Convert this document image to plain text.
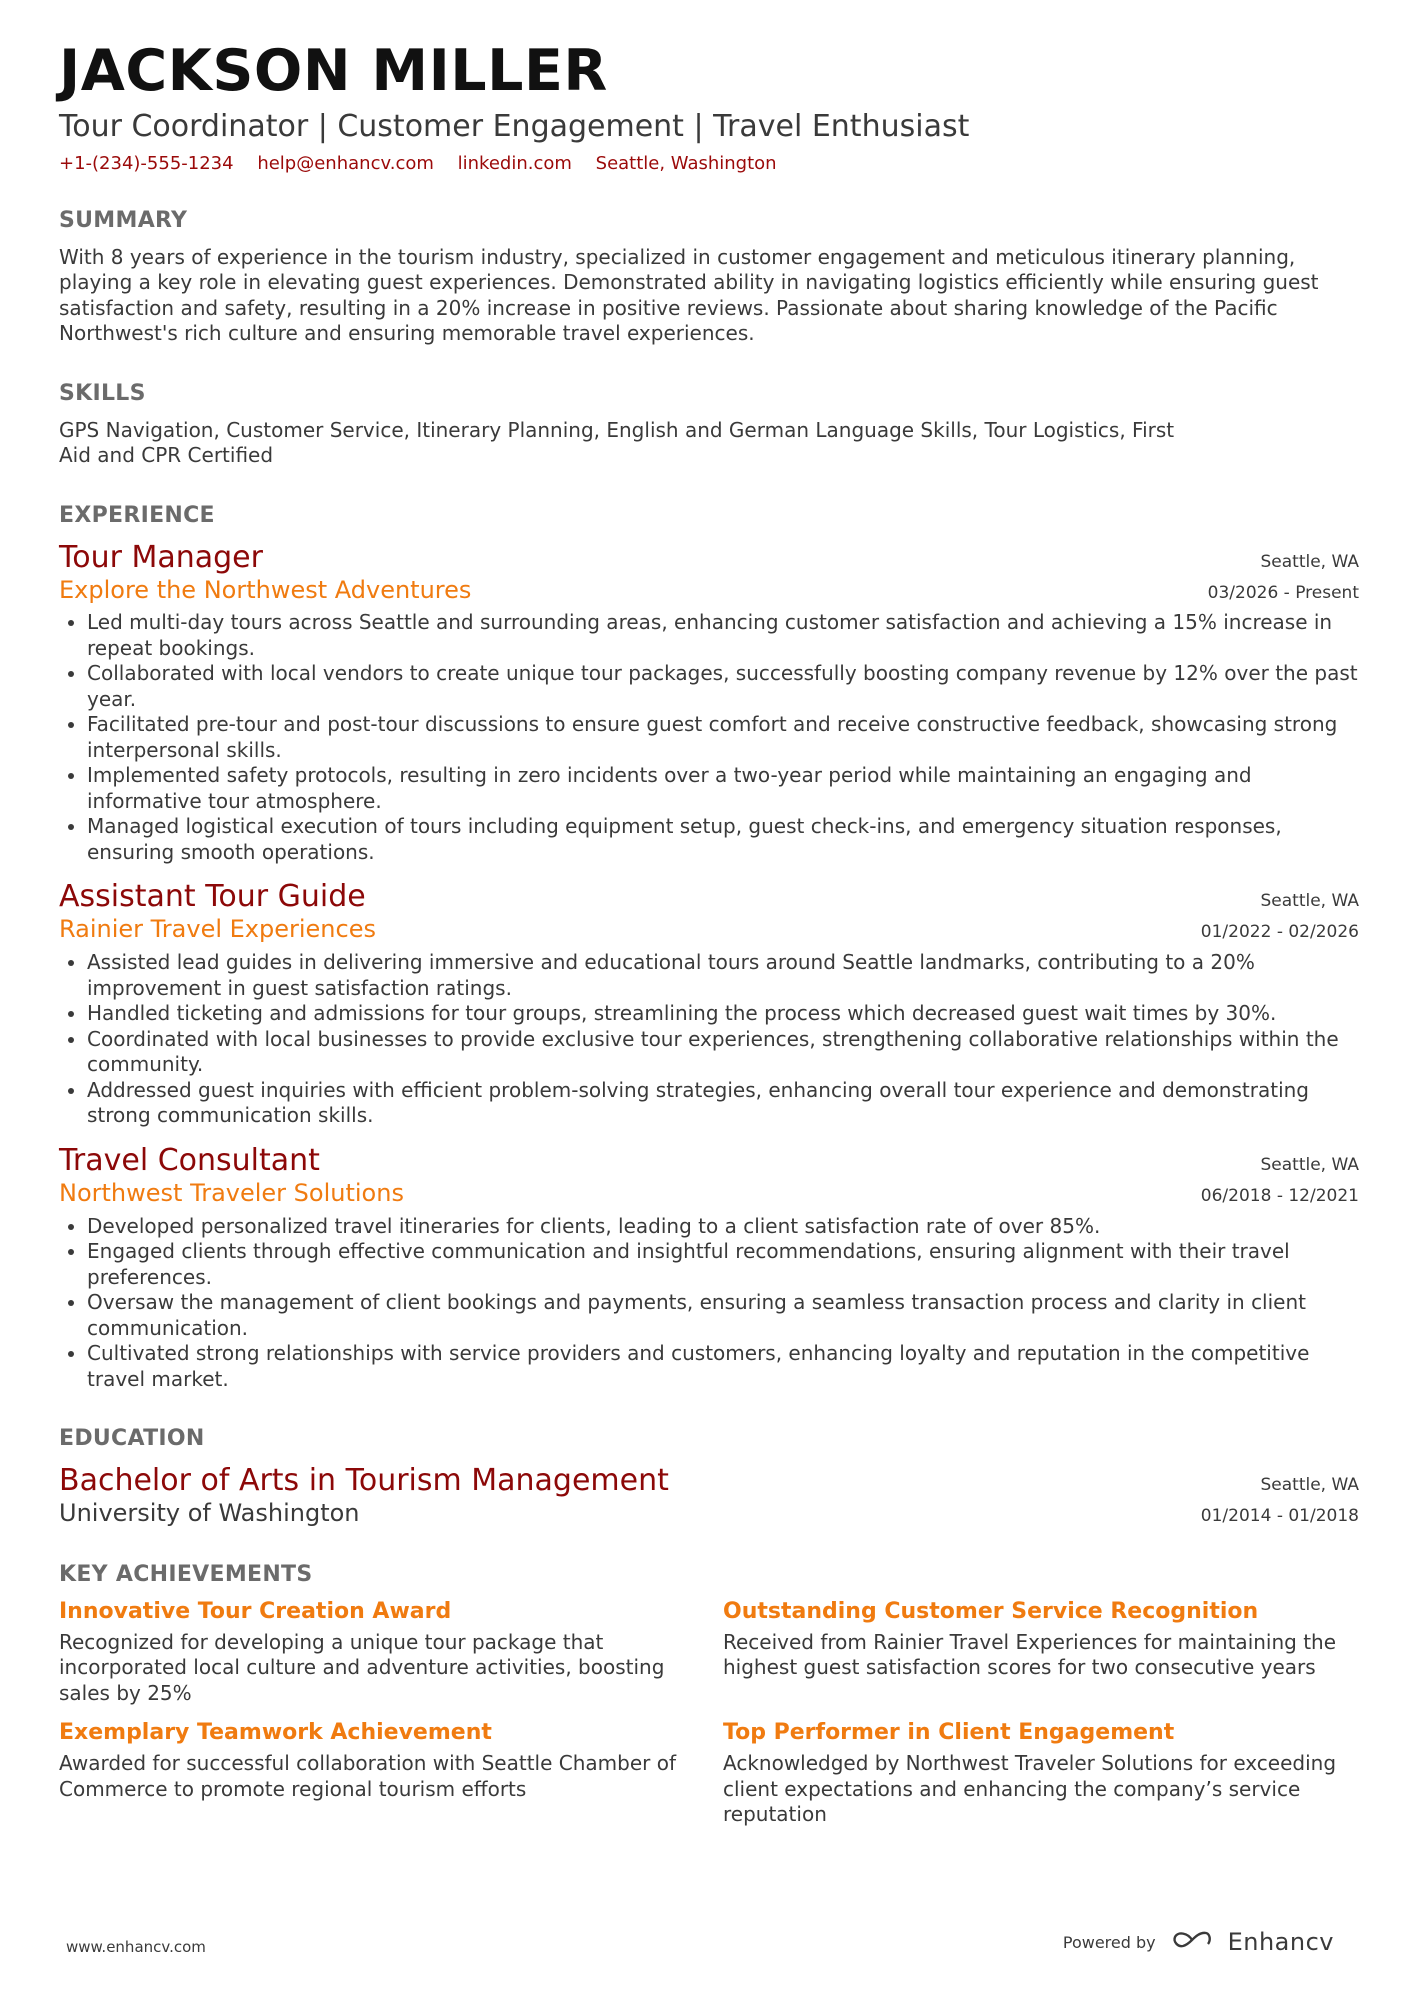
JACKSON MILLER
Tour Coordinator | Customer Engagement | Travel Enthusiast
+1-(234)-555-1234 help@enhancv.com linkedin.com Seattle, Washington
SUMMARY
With 8 years of experience in the tourism industry, specialized in customer engagement and meticulous itinerary planning, playing a key role in elevating guest experiences. Demonstrated ability in navigating logistics efficiently while ensuring guest satisfaction and safety, resulting in a 20% increase in positive reviews. Passionate about sharing knowledge of the Pacific Northwest's rich culture and ensuring memorable travel experiences.
SKILLS
GPS Navigation, Customer Service, Itinerary Planning, English and German Language Skills, Tour Logistics, First Aid and CPR Certified
EXPERIENCE
Tour Manager	Seattle, WA
Explore the Northwest Adventures	03/2026 - Present
• Led multi-day tours across Seattle and surrounding areas, enhancing customer satisfaction and achieving a 15% increase in repeat bookings.
• Collaborated with local vendors to create unique tour packages, successfully boosting company revenue by 12% over the past year.
• Facilitated pre-tour and post-tour discussions to ensure guest comfort and receive constructive feedback, showcasing strong interpersonal skills.
• Implemented safety protocols, resulting in zero incidents over a two-year period while maintaining an engaging and informative tour atmosphere.
• Managed logistical execution of tours including equipment setup, guest check-ins, and emergency situation responses, ensuring smooth operations.
Assistant Tour Guide	Seattle, WA
Rainier Travel Experiences	01/2022 - 02/2026
• Assisted lead guides in delivering immersive and educational tours around Seattle landmarks, contributing to a 20% improvement in guest satisfaction ratings.
• Handled ticketing and admissions for tour groups, streamlining the process which decreased guest wait times by 30%.
• Coordinated with local businesses to provide exclusive tour experiences, strengthening collaborative relationships within the community.
• Addressed guest inquiries with efficient problem-solving strategies, enhancing overall tour experience and demonstrating strong communication skills.
Travel Consultant	Seattle, WA
Northwest Traveler Solutions	06/2018 - 12/2021
• Developed personalized travel itineraries for clients, leading to a client satisfaction rate of over 85%.
• Engaged clients through effective communication and insightful recommendations, ensuring alignment with their travel preferences.
• Oversaw the management of client bookings and payments, ensuring a seamless transaction process and clarity in client communication.
• Cultivated strong relationships with service providers and customers, enhancing loyalty and reputation in the competitive travel market.
EDUCATION
Bachelor of Arts in Tourism Management	Seattle, WA
University of Washington	01/2014 - 01/2018
KEY ACHIEVEMENTS
Innovative Tour Creation Award
Recognized for developing a unique tour package that incorporated local culture and adventure activities, boosting sales by 25%
Outstanding Customer Service Recognition
Received from Rainier Travel Experiences for maintaining the highest guest satisfaction scores for two consecutive years
Exemplary Teamwork Achievement
Awarded for successful collaboration with Seattle Chamber of Commerce to promote regional tourism efforts
Top Performer in Client Engagement
Acknowledged by Northwest Traveler Solutions for exceeding client expectations and enhancing the company’s service reputation
www.enhancv.com	Powered by	Enhancv
